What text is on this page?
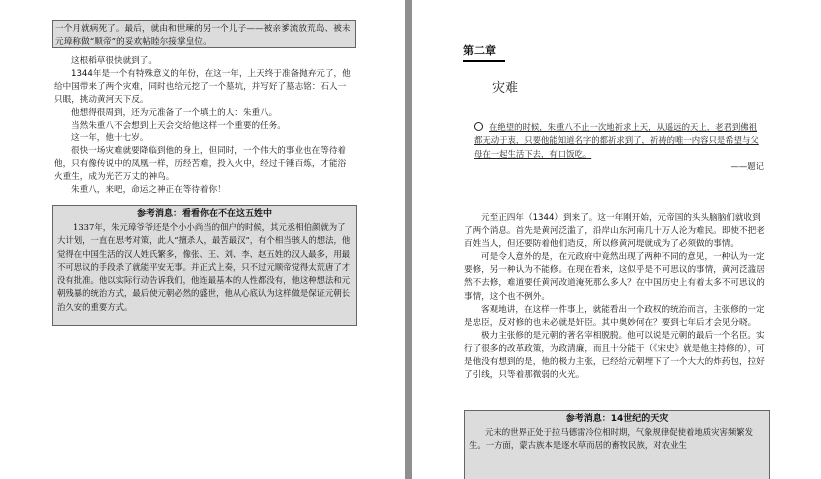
一个月就病死了。最后，就由和世瑓的另一个儿子——被亲爹流放荒岛、被未元璋称做“顺帝”的妥欢帖睦尔接掌皇位。

这根稻草很快就到了。

1344年是一个有特殊意义的年份，在这一年，上天终于准备抛弃元了，他给中国带来了两个灾难，同时也给元挖了一个墓坑，并写好了墓志铭：石人一只眼，挑动黄河天下反。

他想得很周到，还为元准备了一个填土的人：朱重八。

当然朱重八不会想到上天会交给他这样一个重要的任务。

这一年，他十七岁。

很快一场灾难就要降临到他的身上，但同时，一个伟大的事业也在等待着他，只有像传说中的凤凰一样，历经苦难，投入火中，经过千锤百炼，才能浴火重生，成为光芒万丈的神鸟。

朱重八，来吧，命运之神正在等待着你！

参考消息：看看你在不在这五姓中

1337年，朱元璋爷爷还是个小小尚当的佃户的时候，其元丞相伯颜就为了大计划，一直在思考对策，此人“擅杀人，最苦最汉”，有个相当骇人的想法，他觉得在中国生活的汉人姓氏繁多，像张、王、刘、李、赵五姓的汉人最多，用最不可思议的手段杀了就能平安无事。并正式上奏，只不过元顺帝觉得太荒唐了才没有批准。他以实际行动告诉我们，他连最基本的人性都没有，他这种想法和元朝残暴的统治方式，最后使元朝必然的盛世，他从心底认为这样做是保证元朝长治久安的重要方式。

第二章
灾难
在绝望的时候，朱重八不止一次地祈求上天，从遥远的天上，老君到佛祖都无动于衷，只要他能知道名字的都祈求到了，祈祷的唯一内容只是希望与父母在一起生活下去，有口饭吃。
——题记

元至正四年（1344）到来了。这一年刚开始，元帝国的头头脑脑们就收到了两个消息。首先是黄河泛滥了，沿岸山东河南几十万人沦为难民。即使不把老百姓当人，但还要防着他们造反，所以修黄河堤就成为了必须做的事情。

可是令人意外的是，在元政府中竟然出现了两种不同的意见，一种认为一定要修，另一种认为不能修。在现在看来，这似乎是不可思议的事情，黄河泛滥居然不去修，难道要任黄河改道淹死那么多人？在中国历史上有着太多不可思议的事情，这个也不例外。

客观地讲，在这样一件事上，就能看出一个政权的统治而言，主张修的一定是忠臣，反对修的也未必就是奸臣。其中奥妙何在？要到七年后才会见分晓。

极力主张修的是元朝的著名宰相脱脱。他可以说是元朝的最后一个名臣。实行了很多的改革政策，为政清廉，而且十分能干（《宋史》就是他主持修的），可是他没有想到的是，他的极力主张，已经给元朝埋下了一个大大的炸药包，拉好了引线，只等着那微弱的火光。

参考消息：14世纪的天灾

元末的世界正处于拉马德雷冷位相时期，气象规律促使着地质灾害频繁发生。一方面，蒙古族本是逐水草而居的畜牧民族，对农业生
